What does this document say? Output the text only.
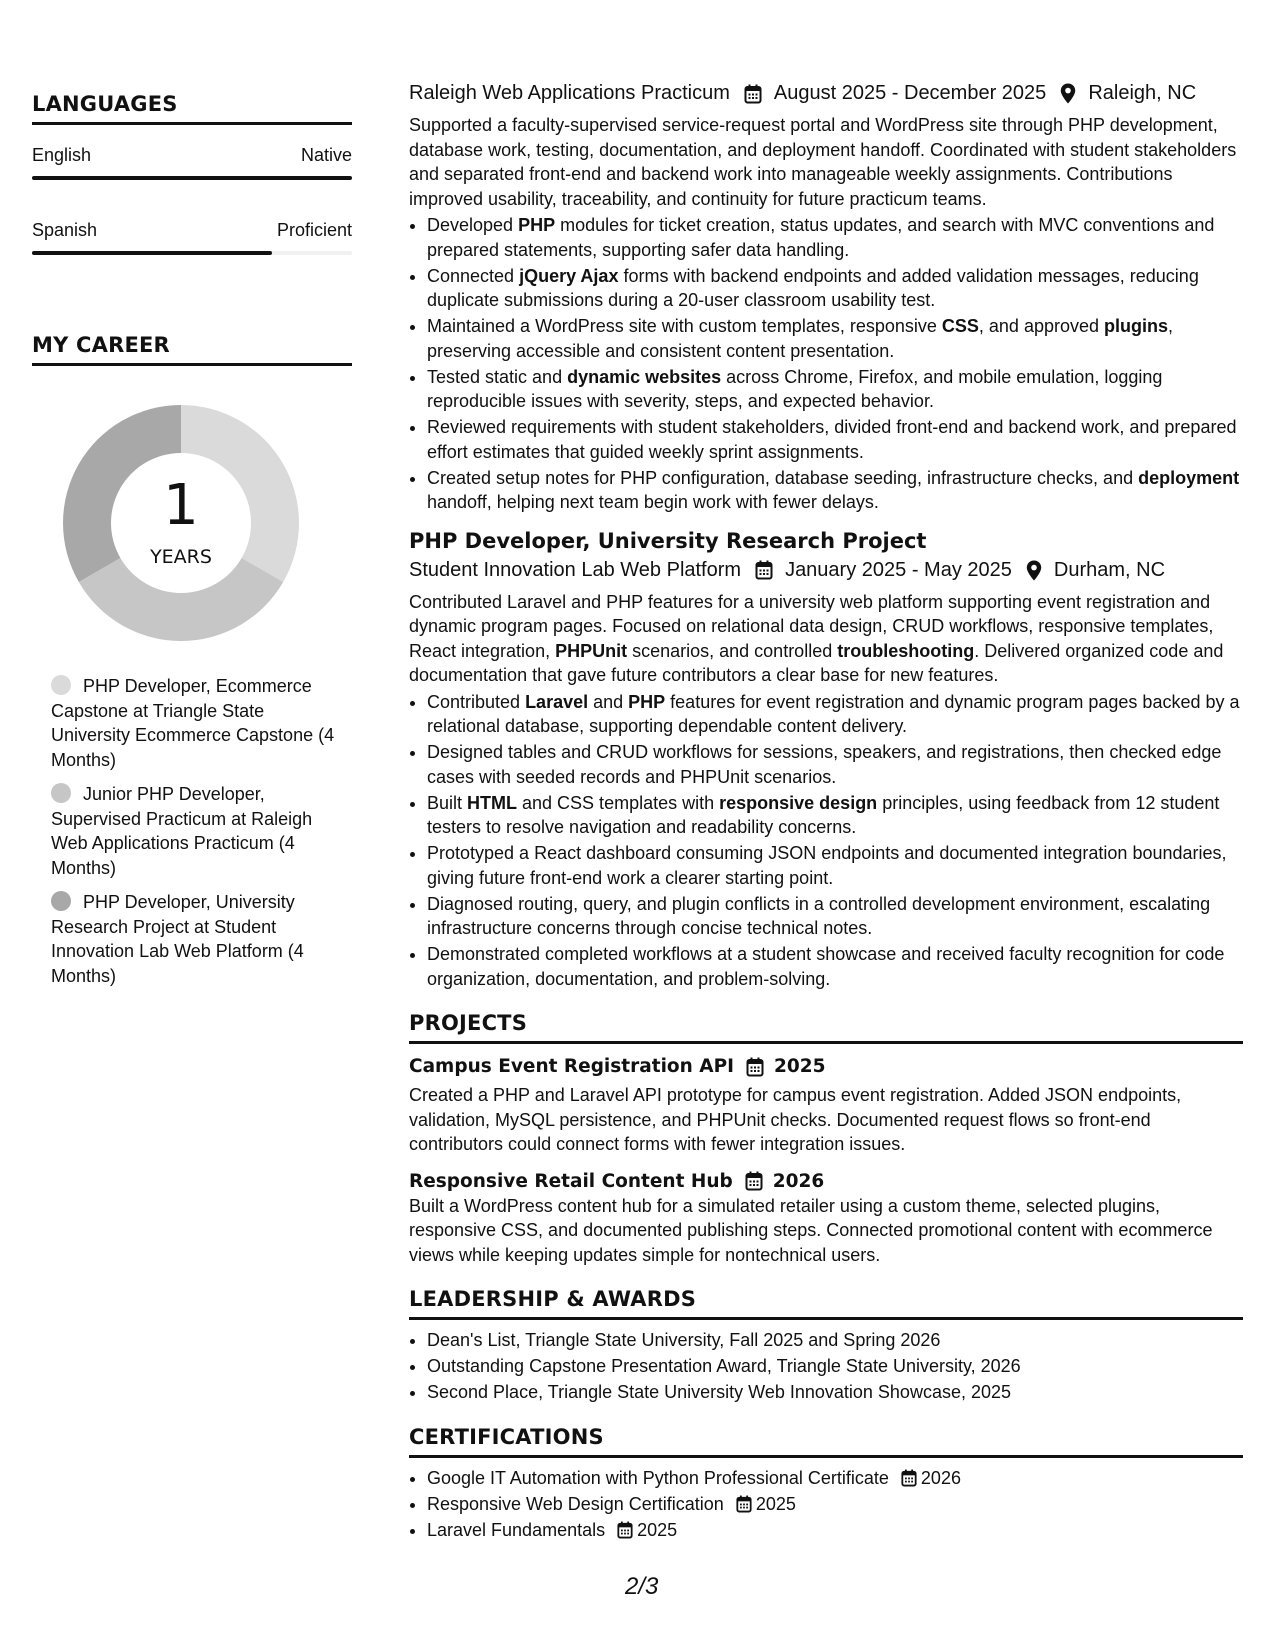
LANGUAGES
English	Native
Spanish	Proficient
MY CAREER
1
YEARS
PHP Developer, Ecommerce Capstone at Triangle State University Ecommerce Capstone (4 Months)
Junior PHP Developer, Supervised Practicum at Raleigh Web Applications Practicum (4 Months)
PHP Developer, University Research Project at Student Innovation Lab Web Platform (4 Months)
Raleigh Web Applications Practicum August 2025 - December 2025 Raleigh, NC

Supported a faculty-supervised service-request portal and WordPress site through PHP development, database work, testing, documentation, and deployment handoff. Coordinated with student stakeholders and separated front-end and backend work into manageable weekly assignments. Contributions improved usability, traceability, and continuity for future practicum teams.

• Developed PHP modules for ticket creation, status updates, and search with MVC conventions and prepared statements, supporting safer data handling.
• Connected jQuery Ajax forms with backend endpoints and added validation messages, reducing duplicate submissions during a 20-user classroom usability test.
• Maintained a WordPress site with custom templates, responsive CSS, and approved plugins, preserving accessible and consistent content presentation.
• Tested static and dynamic websites across Chrome, Firefox, and mobile emulation, logging reproducible issues with severity, steps, and expected behavior.
• Reviewed requirements with student stakeholders, divided front-end and backend work, and prepared effort estimates that guided weekly sprint assignments.
• Created setup notes for PHP configuration, database seeding, infrastructure checks, and deployment handoff, helping next team begin work with fewer delays.
PHP Developer, University Research Project
Student Innovation Lab Web Platform January 2025 - May 2025 Durham, NC

Contributed Laravel and PHP features for a university web platform supporting event registration and dynamic program pages. Focused on relational data design, CRUD workflows, responsive templates, React integration, PHPUnit scenarios, and controlled troubleshooting. Delivered organized code and documentation that gave future contributors a clear base for new features.

• Contributed Laravel and PHP features for event registration and dynamic program pages backed by a relational database, supporting dependable content delivery.
• Designed tables and CRUD workflows for sessions, speakers, and registrations, then checked edge cases with seeded records and PHPUnit scenarios.
• Built HTML and CSS templates with responsive design principles, using feedback from 12 student testers to resolve navigation and readability concerns.
• Prototyped a React dashboard consuming JSON endpoints and documented integration boundaries, giving future front-end work a clearer starting point.
• Diagnosed routing, query, and plugin conflicts in a controlled development environment, escalating infrastructure concerns through concise technical notes.
• Demonstrated completed workflows at a student showcase and received faculty recognition for code organization, documentation, and problem-solving.
PROJECTS
Campus Event Registration API 2025
Created a PHP and Laravel API prototype for campus event registration. Added JSON endpoints, validation, MySQL persistence, and PHPUnit checks. Documented request flows so front-end contributors could connect forms with fewer integration issues.
Responsive Retail Content Hub 2026
Built a WordPress content hub for a simulated retailer using a custom theme, selected plugins, responsive CSS, and documented publishing steps. Connected promotional content with ecommerce views while keeping updates simple for nontechnical users.
LEADERSHIP & AWARDS
• Dean's List, Triangle State University, Fall 2025 and Spring 2026
• Outstanding Capstone Presentation Award, Triangle State University, 2026
• Second Place, Triangle State University Web Innovation Showcase, 2025
CERTIFICATIONS
• Google IT Automation with Python Professional Certificate 2026
• Responsive Web Design Certification 2025
• Laravel Fundamentals 2025
2/3
